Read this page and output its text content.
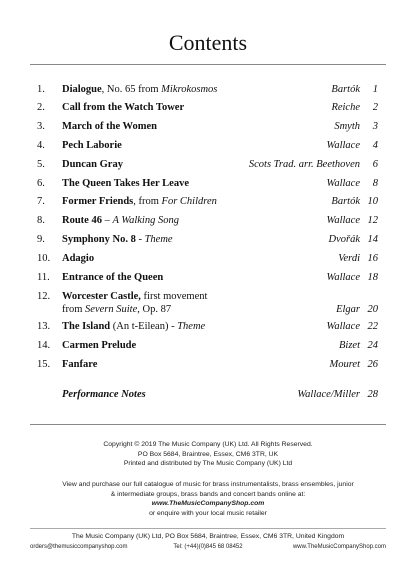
Contents
1. Dialogue, No. 65 from Mikrokosmos	Bartók 1
2. Call from the Watch Tower	Reiche 2
3. March of the Women	Smyth 3
4. Pech Laborie	Wallace 4
5. Duncan Gray	Scots Trad. arr. Beethoven 6
6. The Queen Takes Her Leave	Wallace 8
7. Former Friends, from For Children	Bartók 10
8. Route 46 – A Walking Song	Wallace 12
9. Symphony No. 8 - Theme	Dvořák 14
10. Adagio	Verdi 16
11. Entrance of the Queen	Wallace 18
12. Worcester Castle, first movement
from Severn Suite, Op. 87	Elgar 20
13. The Island (An t-Eilean) - Theme	Wallace 22
14. Carmen Prelude	Bizet 24
15. Fanfare	Mouret 26
Performance Notes	Wallace/Miller 28
Copyright © 2019 The Music Company (UK) Ltd. All Rights Reserved.
PO Box 5684, Braintree, Essex, CM6 3TR, UK
Printed and distributed by The Music Company (UK) Ltd
View and purchase our full catalogue of music for brass instrumentalists, brass ensembles, junior
& intermediate groups, brass bands and concert bands online at:
www.TheMusicCompanyShop.com
or enquire with your local music retailer
The Music Company (UK) Ltd, PO Box 5684, Braintree, Essex, CM6 3TR, United Kingdom
orders@themusiccompanyshop.com	Tel: (+44)(0)845 68 08452	www.TheMusicCompanyShop.com
